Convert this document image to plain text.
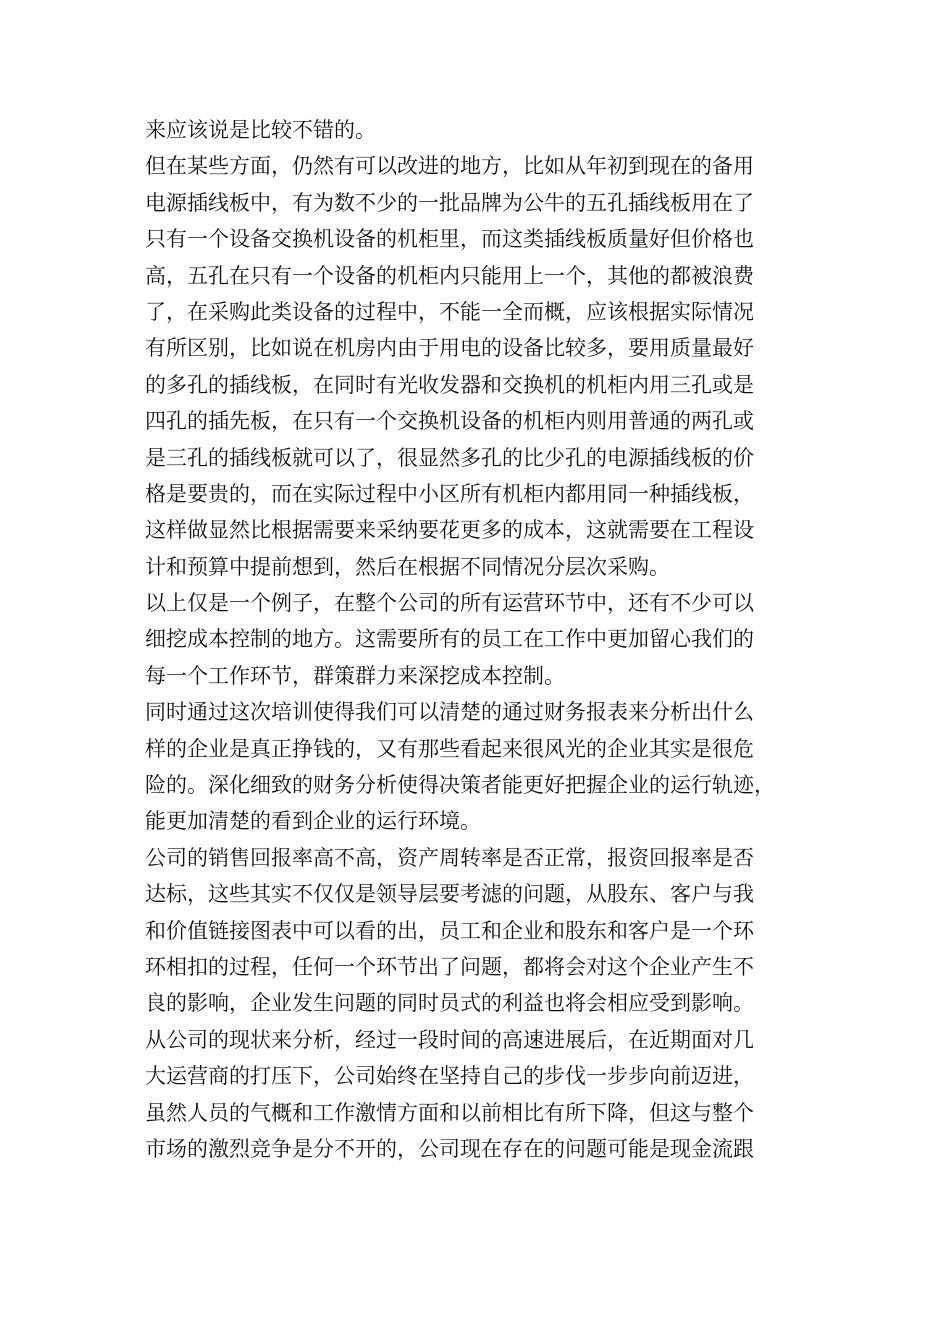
来应该说是比较不错的。
但在某些方面，仍然有可以改进的地方，比如从年初到现在的备用
电源插线板中，有为数不少的一批品牌为公牛的五孔插线板用在了
只有一个设备交换机设备的机柜里，而这类插线板质量好但价格也
高，五孔在只有一个设备的机柜内只能用上一个，其他的都被浪费
了，在采购此类设备的过程中，不能一全而概，应该根据实际情况
有所区别，比如说在机房内由于用电的设备比较多，要用质量最好
的多孔的插线板，在同时有光收发器和交换机的机柜内用三孔或是
四孔的插先板，在只有一个交换机设备的机柜内则用普通的两孔或
是三孔的插线板就可以了，很显然多孔的比少孔的电源插线板的价
格是要贵的，而在实际过程中小区所有机柜内都用同一种插线板，
这样做显然比根据需要来采纳要花更多的成本，这就需要在工程设
计和预算中提前想到，然后在根据不同情况分层次采购。
以上仅是一个例子，在整个公司的所有运营环节中，还有不少可以
细挖成本控制的地方。这需要所有的员工在工作中更加留心我们的
每一个工作环节，群策群力来深挖成本控制。
同时通过这次培训使得我们可以清楚的通过财务报表来分析出什么
样的企业是真正挣钱的，又有那些看起来很风光的企业其实是很危
险的。深化细致的财务分析使得决策者能更好把握企业的运行轨迹，
能更加清楚的看到企业的运行环境。
公司的销售回报率高不高，资产周转率是否正常，报资回报率是否
达标，这些其实不仅仅是领导层要考滤的问题，从股东、客户与我
和价值链接图表中可以看的出，员工和企业和股东和客户是一个环
环相扣的过程，任何一个环节出了问题，都将会对这个企业产生不
良的影响，企业发生问题的同时员式的利益也将会相应受到影响。
从公司的现状来分析，经过一段时间的高速进展后，在近期面对几
大运营商的打压下，公司始终在坚持自己的步伐一步步向前迈进，
虽然人员的气概和工作激情方面和以前相比有所下降，但这与整个
市场的激烈竞争是分不开的，公司现在存在的问题可能是现金流跟
